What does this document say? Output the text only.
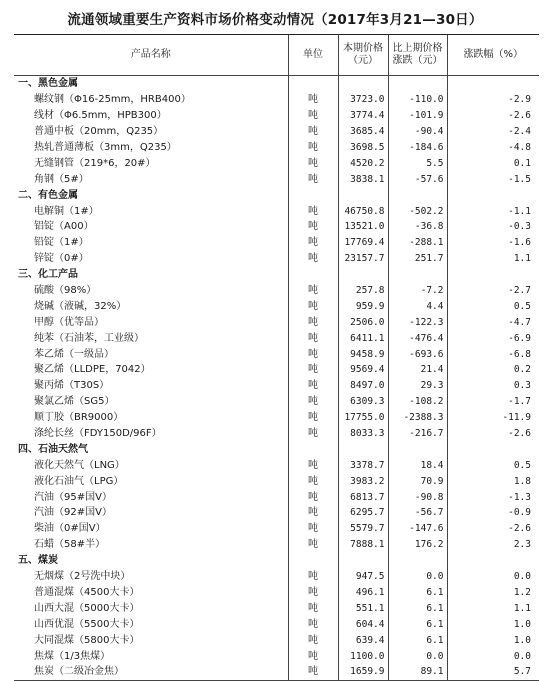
流通领域重要生产资料市场价格变动情况（2017年3月21—30日）
产品名称	单位	本期价格（元）	比上期价格涨跌（元）	涨跌幅（%）
一、黑色金属				
螺纹钢（Φ16-25mm，HRB400）	吨	3723.0	-110.0	-2.9
线材（Φ6.5mm，HPB300）	吨	3774.4	-101.9	-2.6
普通中板（20mm，Q235）	吨	3685.4	-90.4	-2.4
热轧普通薄板（3mm，Q235）	吨	3698.5	-184.6	-4.8
无缝钢管（219*6，20#）	吨	4520.2	5.5	0.1
角钢（5#）	吨	3838.1	-57.6	-1.5
二、有色金属				
电解铜（1#）	吨	46750.8	-502.2	-1.1
铝锭（A00）	吨	13521.0	-36.8	-0.3
铅锭（1#）	吨	17769.4	-288.1	-1.6
锌锭（0#）	吨	23157.7	251.7	1.1
三、化工产品				
硫酸（98%）	吨	257.8	-7.2	-2.7
烧碱（液碱，32%）	吨	959.9	4.4	0.5
甲醇（优等品）	吨	2506.0	-122.3	-4.7
纯苯（石油苯，工业级）	吨	6411.1	-476.4	-6.9
苯乙烯（一级品）	吨	9458.9	-693.6	-6.8
聚乙烯（LLDPE，7042）	吨	9569.4	21.4	0.2
聚丙烯（T30S）	吨	8497.0	29.3	0.3
聚氯乙烯（SG5）	吨	6309.3	-108.2	-1.7
顺丁胶（BR9000）	吨	17755.0	-2388.3	-11.9
涤纶长丝（FDY150D/96F）	吨	8033.3	-216.7	-2.6
四、石油天然气				
液化天然气（LNG）	吨	3378.7	18.4	0.5
液化石油气（LPG）	吨	3983.2	70.9	1.8
汽油（95#国Ⅴ）	吨	6813.7	-90.8	-1.3
汽油（92#国Ⅴ）	吨	6295.7	-56.7	-0.9
柴油（0#国Ⅴ）	吨	5579.7	-147.6	-2.6
石蜡（58#半）	吨	7888.1	176.2	2.3
五、煤炭				
无烟煤（2号洗中块）	吨	947.5	0.0	0.0
普通混煤（4500大卡）	吨	496.1	6.1	1.2
山西大混（5000大卡）	吨	551.1	6.1	1.1
山西优混（5500大卡）	吨	604.4	6.1	1.0
大同混煤（5800大卡）	吨	639.4	6.1	1.0
焦煤（1/3焦煤）	吨	1100.0	0.0	0.0
焦炭（二级冶金焦）	吨	1659.9	89.1	5.7
